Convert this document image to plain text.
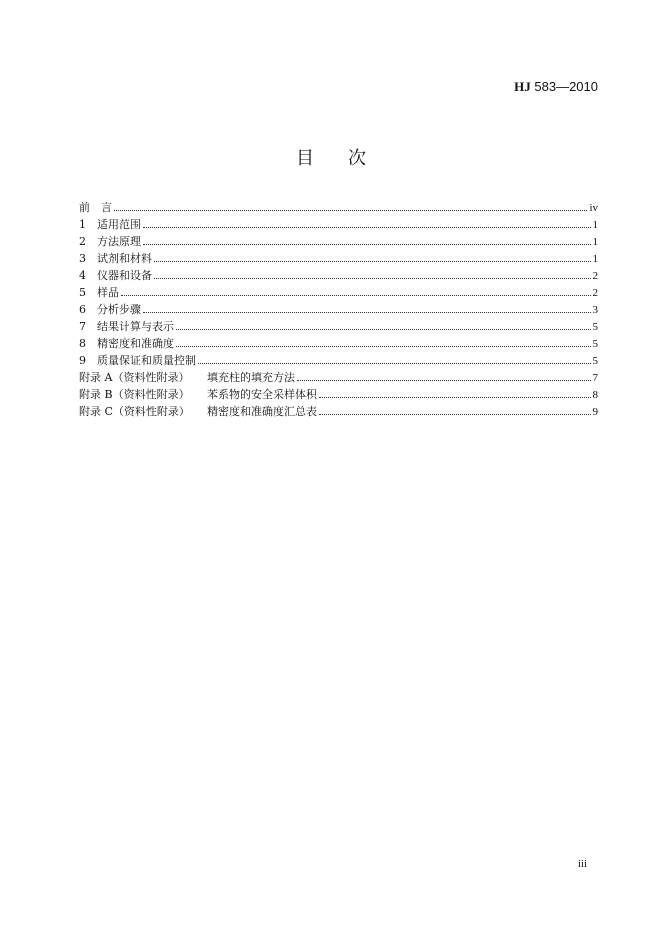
HJ 583—2010
目次
前　言	iv
1 适用范围	1
2 方法原理	1
3 试剂和材料	1
4 仪器和设备	2
5 样品	2
6 分析步骤	3
7 结果计算与表示	5
8 精密度和准确度	5
9 质量保证和质量控制	5
附录 A（资料性附录） 填充柱的填充方法	7
附录 B（资料性附录） 苯系物的安全采样体积	8
附录 C（资料性附录） 精密度和准确度汇总表	9
iii
